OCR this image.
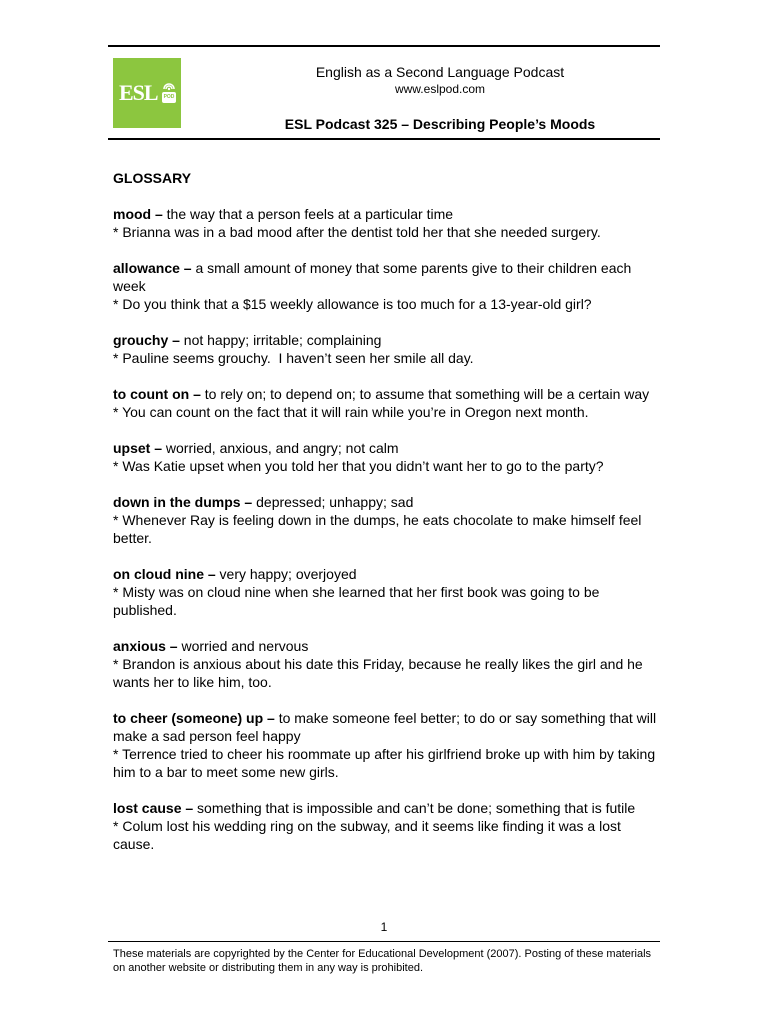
ESL	POD
English as a Second Language Podcast
www.eslpod.com
ESL Podcast 325 – Describing People’s Moods
GLOSSARY
mood – the way that a person feels at a particular time
* Brianna was in a bad mood after the dentist told her that she needed surgery.
allowance – a small amount of money that some parents give to their children each week
* Do you think that a $15 weekly allowance is too much for a 13-year-old girl?
grouchy – not happy; irritable; complaining
* Pauline seems grouchy.  I haven’t seen her smile all day.
to count on – to rely on; to depend on; to assume that something will be a certain way
* You can count on the fact that it will rain while you’re in Oregon next month.
upset – worried, anxious, and angry; not calm
* Was Katie upset when you told her that you didn’t want her to go to the party?
down in the dumps – depressed; unhappy; sad
* Whenever Ray is feeling down in the dumps, he eats chocolate to make himself feel better.
on cloud nine – very happy; overjoyed
* Misty was on cloud nine when she learned that her first book was going to be published.
anxious – worried and nervous
* Brandon is anxious about his date this Friday, because he really likes the girl and he wants her to like him, too.
to cheer (someone) up – to make someone feel better; to do or say something that will make a sad person feel happy
* Terrence tried to cheer his roommate up after his girlfriend broke up with him by taking him to a bar to meet some new girls.
lost cause – something that is impossible and can’t be done; something that is futile
* Colum lost his wedding ring on the subway, and it seems like finding it was a lost cause.
1
These materials are copyrighted by the Center for Educational Development (2007). Posting of these materials on another website or distributing them in any way is prohibited.
